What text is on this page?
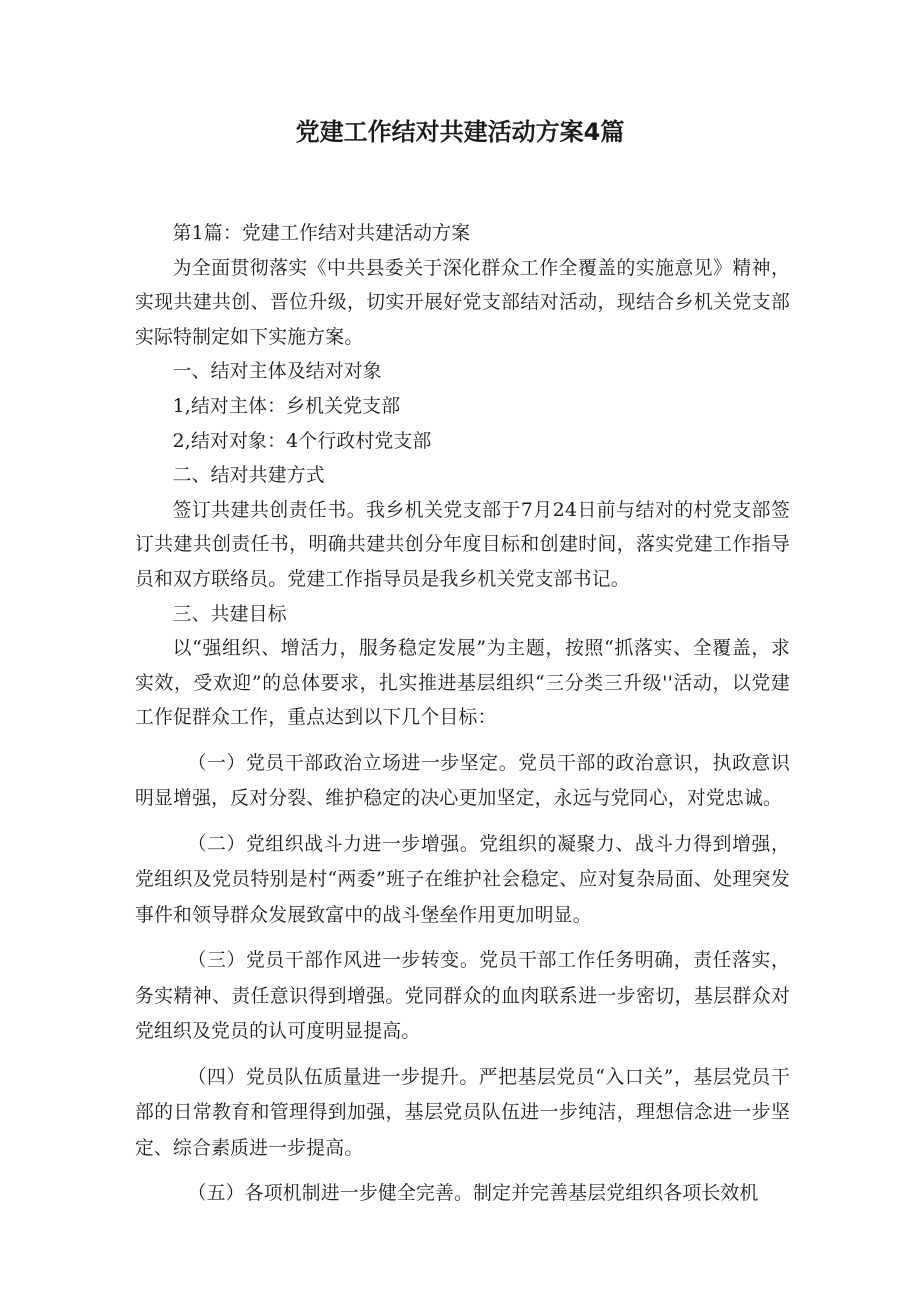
党建工作结对共建活动方案4篇

第1篇：党建工作结对共建活动方案

为全面贯彻落实《中共县委关于深化群众工作全覆盖的实施意见》精神，实现共建共创、晋位升级，切实开展好党支部结对活动，现结合乡机关党支部实际特制定如下实施方案。

一、结对主体及结对对象

1,结对主体：乡机关党支部

2,结对对象：4个行政村党支部

二、结对共建方式

签订共建共创责任书。我乡机关党支部于7月24日前与结对的村党支部签订共建共创责任书，明确共建共创分年度目标和创建时间，落实党建工作指导员和双方联络员。党建工作指导员是我乡机关党支部书记。

三、共建目标

以“强组织、增活力，服务稳定发展”为主题，按照“抓落实、全覆盖，求实效，受欢迎”的总体要求，扎实推进基层组织“三分类三升级''活动，以党建工作促群众工作，重点达到以下几个目标：

（一）党员干部政治立场进一步坚定。党员干部的政治意识，执政意识明显增强，反对分裂、维护稳定的决心更加坚定，永远与党同心，对党忠诚。

（二）党组织战斗力进一步增强。党组织的凝聚力、战斗力得到增强，党组织及党员特别是村“两委”班子在维护社会稳定、应对复杂局面、处理突发事件和领导群众发展致富中的战斗堡垒作用更加明显。

（三）党员干部作风进一步转变。党员干部工作任务明确，责任落实，务实精神、责任意识得到增强。党同群众的血肉联系进一步密切，基层群众对党组织及党员的认可度明显提高。

（四）党员队伍质量进一步提升。严把基层党员“入口关”，基层党员干部的日常教育和管理得到加强，基层党员队伍进一步纯洁，理想信念进一步坚定、综合素质进一步提高。

（五）各项机制进一步健全完善。制定并完善基层党组织各项长效机
